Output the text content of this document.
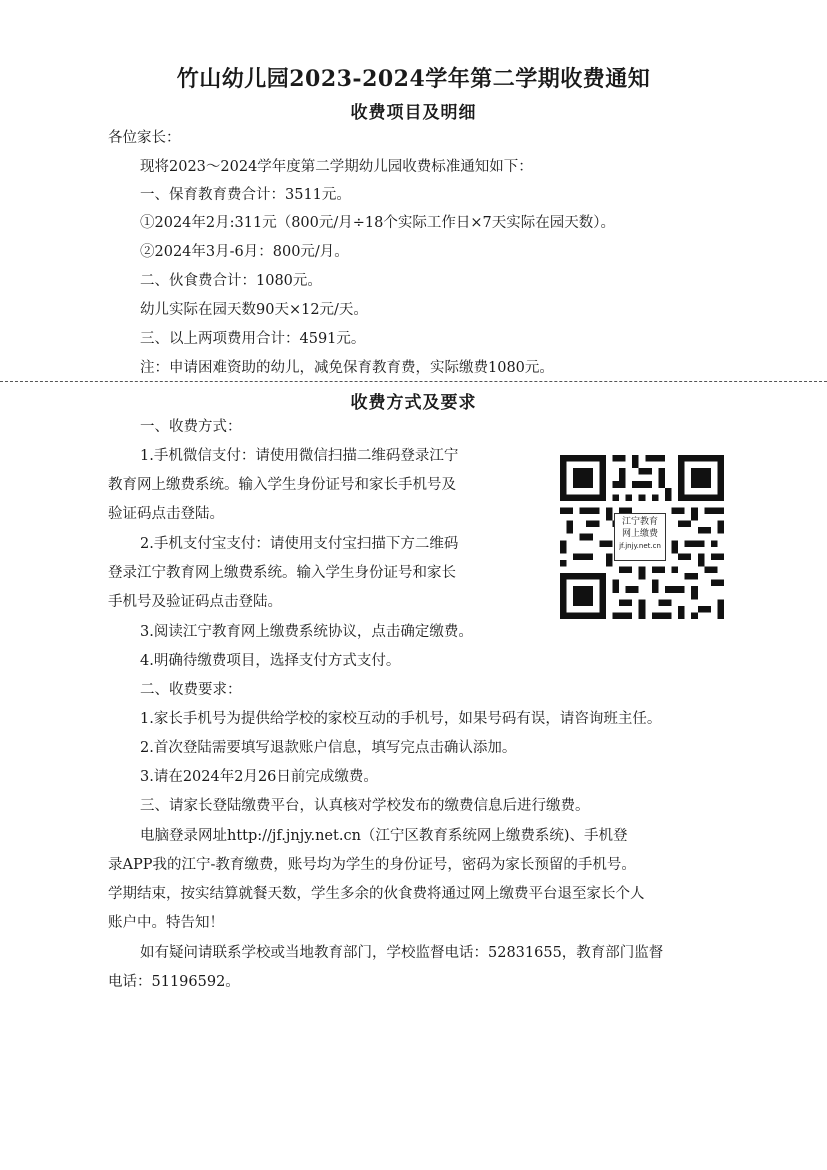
竹山幼儿园2023-2024学年第二学期收费通知
收费项目及明细
各位家长：
现将2023～2024学年度第二学期幼儿园收费标准通知如下：
一、保育教育费合计：3511元。
①2024年2月:311元（800元/月÷18个实际工作日×7天实际在园天数）。
②2024年3月-6月：800元/月。
二、伙食费合计：1080元。
幼儿实际在园天数90天×12元/天。
三、以上两项费用合计：4591元。
注：申请困难资助的幼儿，减免保育教育费，实际缴费1080元。
收费方式及要求
一、收费方式：
1.手机微信支付：请使用微信扫描二维码登录江宁
教育网上缴费系统。输入学生身份证号和家长手机号及
验证码点击登陆。
2.手机支付宝支付：请使用支付宝扫描下方二维码
登录江宁教育网上缴费系统。输入学生身份证号和家长
手机号及验证码点击登陆。
3.阅读江宁教育网上缴费系统协议，点击确定缴费。
4.明确待缴费项目，选择支付方式支付。
二、收费要求：
1.家长手机号为提供给学校的家校互动的手机号，如果号码有误，请咨询班主任。
2.首次登陆需要填写退款账户信息，填写完点击确认添加。
3.请在2024年2月26日前完成缴费。
三、请家长登陆缴费平台，认真核对学校发布的缴费信息后进行缴费。
电脑登录网址http://jf.jnjy.net.cn（江宁区教育系统网上缴费系统)、手机登
录APP我的江宁-教育缴费，账号均为学生的身份证号，密码为家长预留的手机号。
学期结束，按实结算就餐天数，学生多余的伙食费将通过网上缴费平台退至家长个人
账户中。特告知！
如有疑问请联系学校或当地教育部门，学校监督电话：52831655，教育部门监督
电话：51196592。
江宁教育
网上缴费
jf.jnjy.net.cn
